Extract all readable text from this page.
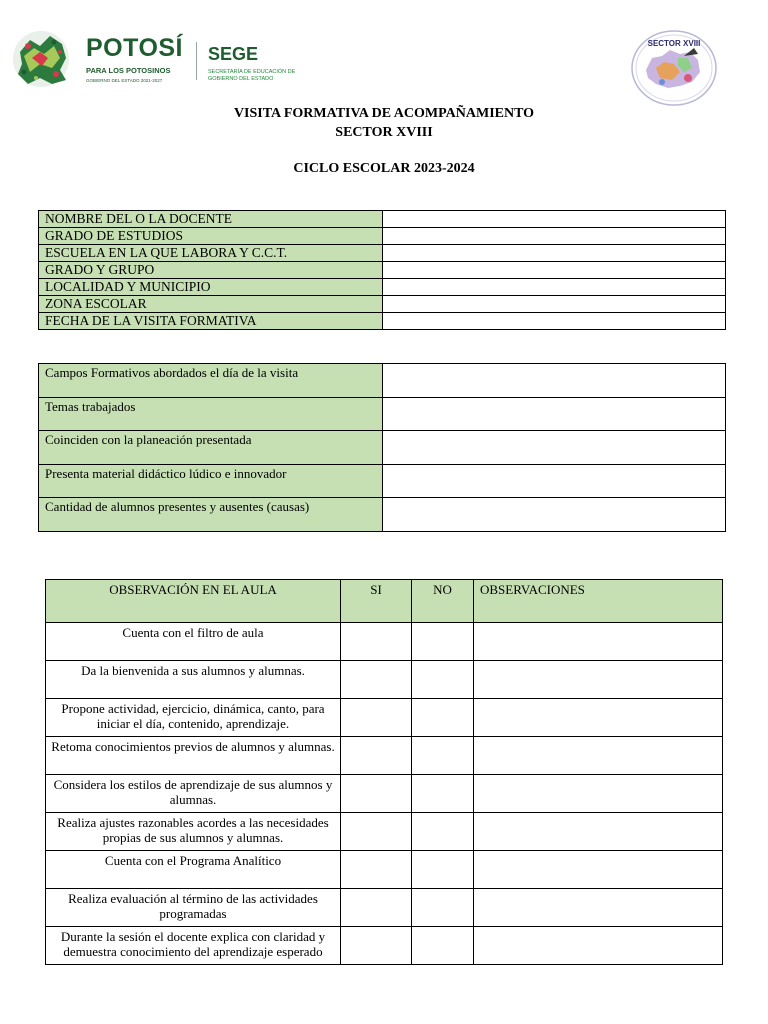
POTOSÍ
PARA LOS POTOSINOS
GOBIERNO DEL ESTADO 2021-2027
SEGE
SECRETARÍA DE EDUCACIÓN DE GOBIERNO DEL ESTADO
SECTOR XVIII
VISITA FORMATIVA DE ACOMPAÑAMIENTO
SECTOR XVIII
CICLO ESCOLAR 2023-2024
NOMBRE DEL O LA DOCENTE	
GRADO DE ESTUDIOS	
ESCUELA EN LA QUE LABORA Y C.C.T.	
GRADO Y GRUPO	
LOCALIDAD Y MUNICIPIO	
ZONA ESCOLAR	
FECHA DE LA VISITA FORMATIVA	
Campos Formativos abordados el día de la visita	
Temas trabajados	
Coinciden con la planeación presentada	
Presenta material didáctico lúdico e innovador	
Cantidad de alumnos presentes y ausentes (causas)	
OBSERVACIÓN EN EL AULA	SI	NO	OBSERVACIONES
Cuenta con el filtro de aula			
Da la bienvenida a sus alumnos y alumnas.			
Propone actividad, ejercicio, dinámica, canto, para iniciar el día, contenido, aprendizaje.			
Retoma conocimientos previos de alumnos y alumnas.			
Considera los estilos de aprendizaje de sus alumnos y alumnas.			
Realiza ajustes razonables acordes a las necesidades propias de sus alumnos y alumnas.			
Cuenta con el Programa Analítico			
Realiza evaluación al término de las actividades programadas			
Durante la sesión el docente explica con claridad y demuestra conocimiento del aprendizaje esperado			
